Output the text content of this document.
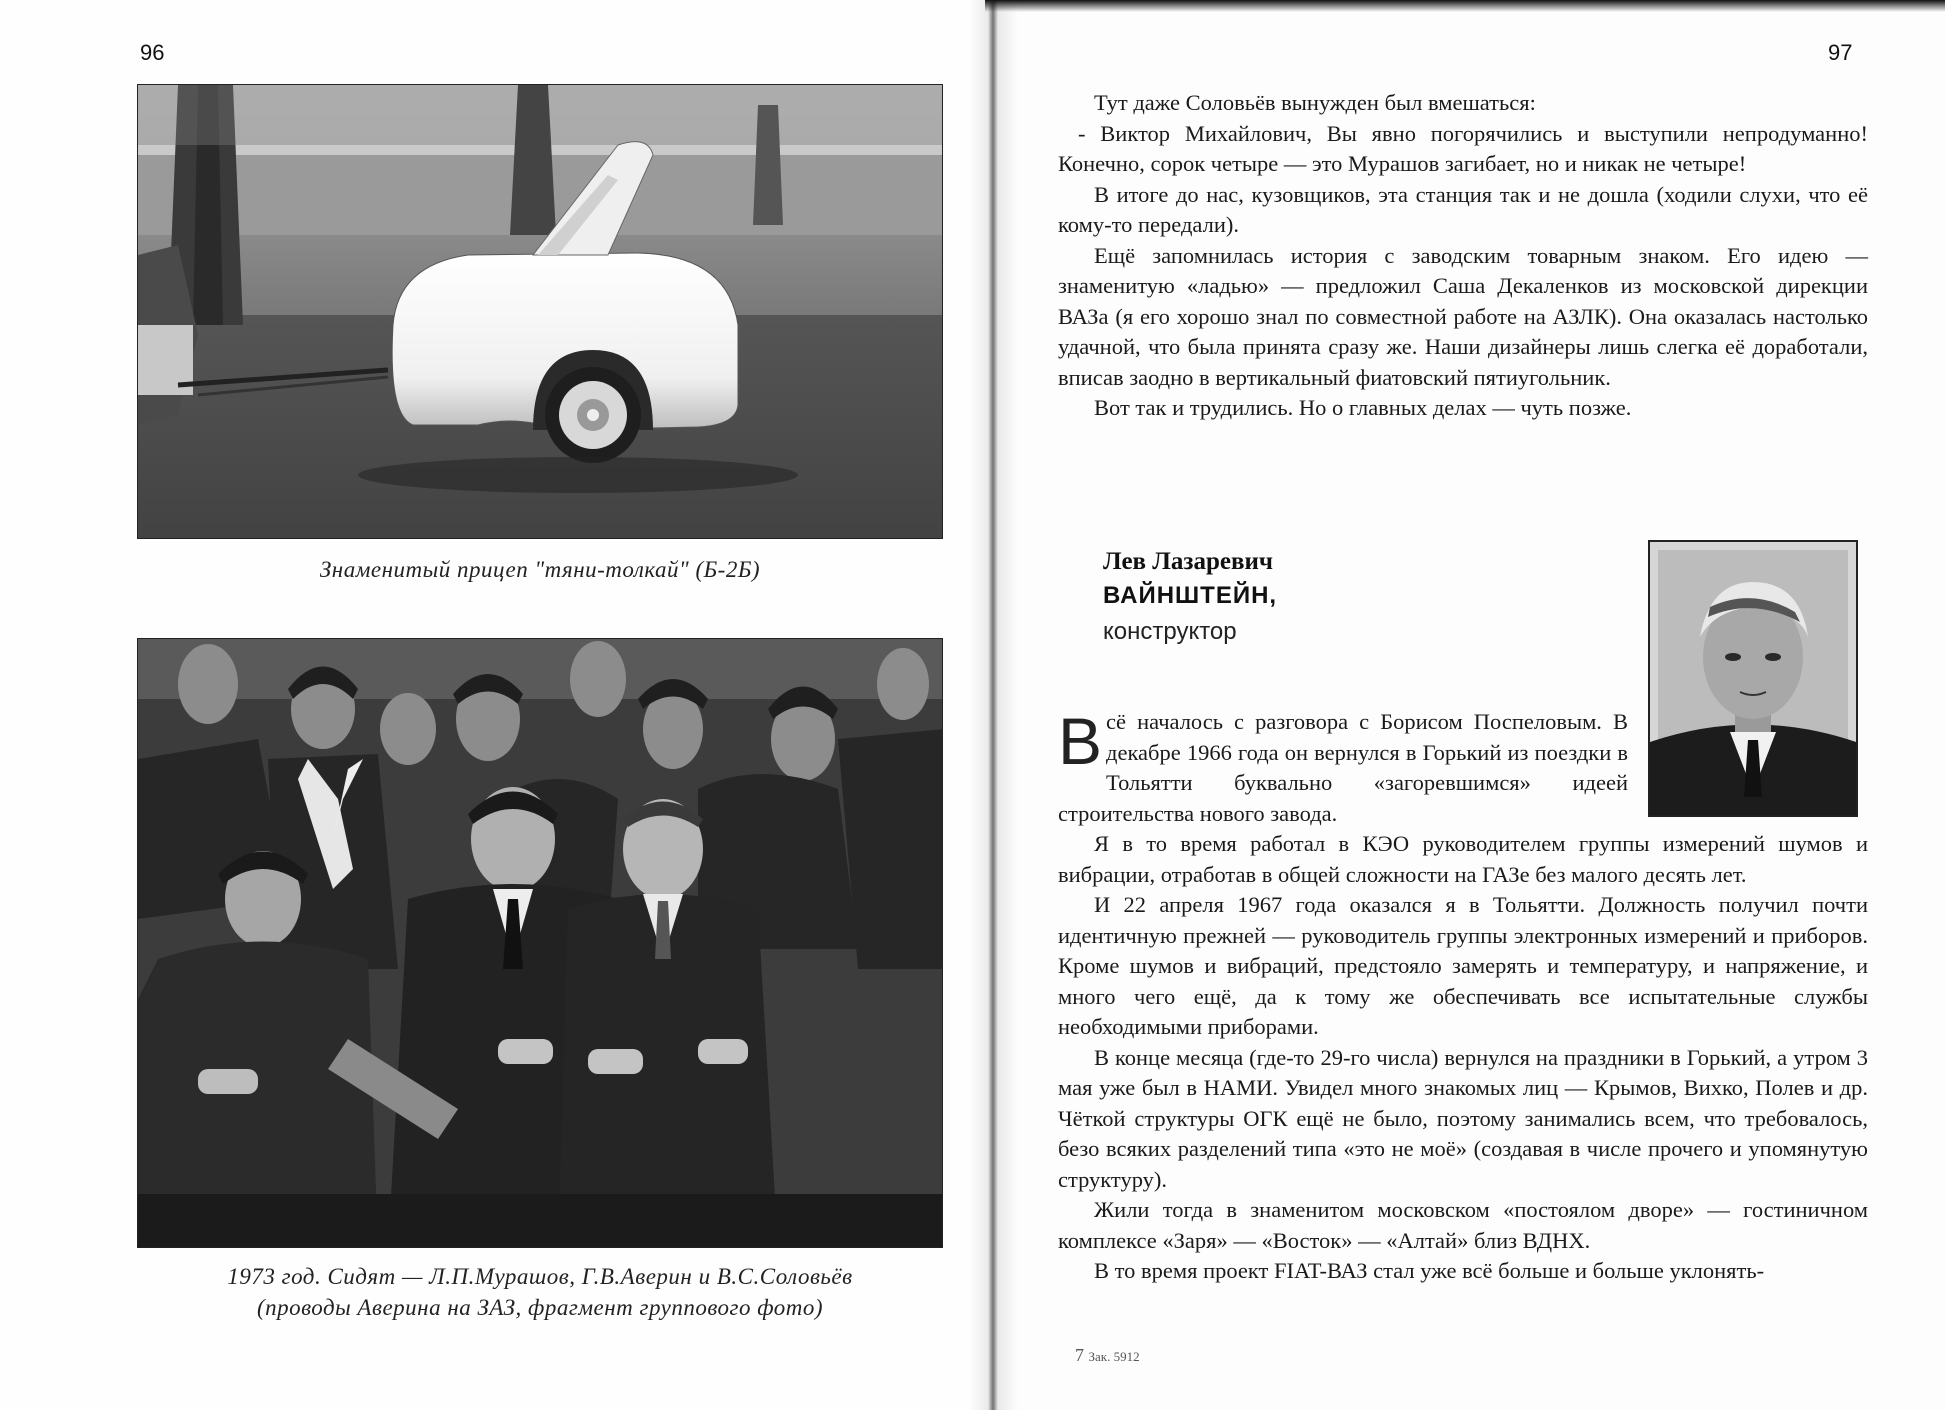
96
Знаменитый прицеп "тяни-толкай" (Б-2Б)
1973 год. Сидят — Л.П.Мурашов, Г.В.Аверин и В.С.Соловьёв
(проводы Аверина на ЗАЗ, фрагмент группового фото)
97

Тут даже Соловьёв вынужден был вмешаться:

- Виктор Михайлович, Вы явно погорячились и выступили непродуманно! Конечно, сорок четыре — это Мурашов загибает, но и никак не четыре!

В итоге до нас, кузовщиков, эта станция так и не дошла (ходили слухи, что её кому-то передали).

Ещё запомнилась история с заводским товарным знаком. Его идею — знаменитую «ладью» — предложил Саша Декаленков из московской дирекции ВАЗа (я его хорошо знал по совместной работе на АЗЛК). Она оказалась настолько удачной, что была принята сразу же. Наши дизайнеры лишь слегка её доработали, вписав заодно в вертикальный фиатовский пятиугольник.

Вот так и трудились. Но о главных делах — чуть позже.

Лев Лазаревич
ВАЙНШТЕЙН,
конструктор

Всё началось с разговора с Борисом Поспеловым. В декабре 1966 года он вернулся в Горький из поездки в Тольятти буквально «загоревшимся» идеей строительства нового завода.

Я в то время работал в КЭО руководителем группы измерений шумов и вибрации, отработав в общей сложности на ГАЗе без малого десять лет.

И 22 апреля 1967 года оказался я в Тольятти. Должность получил почти идентичную прежней — руководитель группы электронных измерений и приборов. Кроме шумов и вибраций, предстояло замерять и температуру, и напряжение, и много чего ещё, да к тому же обеспечивать все испытательные службы необходимыми приборами.

В конце месяца (где-то 29-го числа) вернулся на праздники в Горький, а утром 3 мая уже был в НАМИ. Увидел много знакомых лиц — Крымов, Вихко, Полев и др. Чёткой структуры ОГК ещё не было, поэтому занимались всем, что требовалось, безо всяких разделений типа «это не моё» (создавая в числе прочего и упомянутую структуру).

Жили тогда в знаменитом московском «постоялом дворе» — гостиничном комплексе «Заря» — «Восток» — «Алтай» близ ВДНХ.

В то время проект FIAT-ВАЗ стал уже всё больше и больше уклонять-

7 Зак. 5912
